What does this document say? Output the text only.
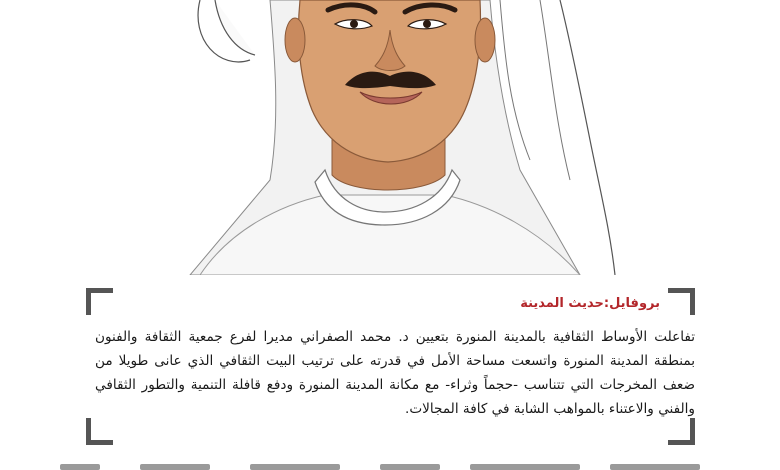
بروفايل:حديث المدينة
تفاعلت الأوساط الثقافية بالمدينة المنورة بتعيين د. محمد الصفراني مديرا لفرع جمعية الثقافة والفنون بمنطقة المدينة المنورة واتسعت مساحة الأمل في قدرته على ترتيب البيت الثقافي الذي عانى طويلا من ضعف المخرجات التي تتناسب -حجماً وثراء- مع مكانة المدينة المنورة ودفع قافلة التنمية والتطور الثقافي والفني والاعتناء بالمواهب الشابة في كافة المجالات.
